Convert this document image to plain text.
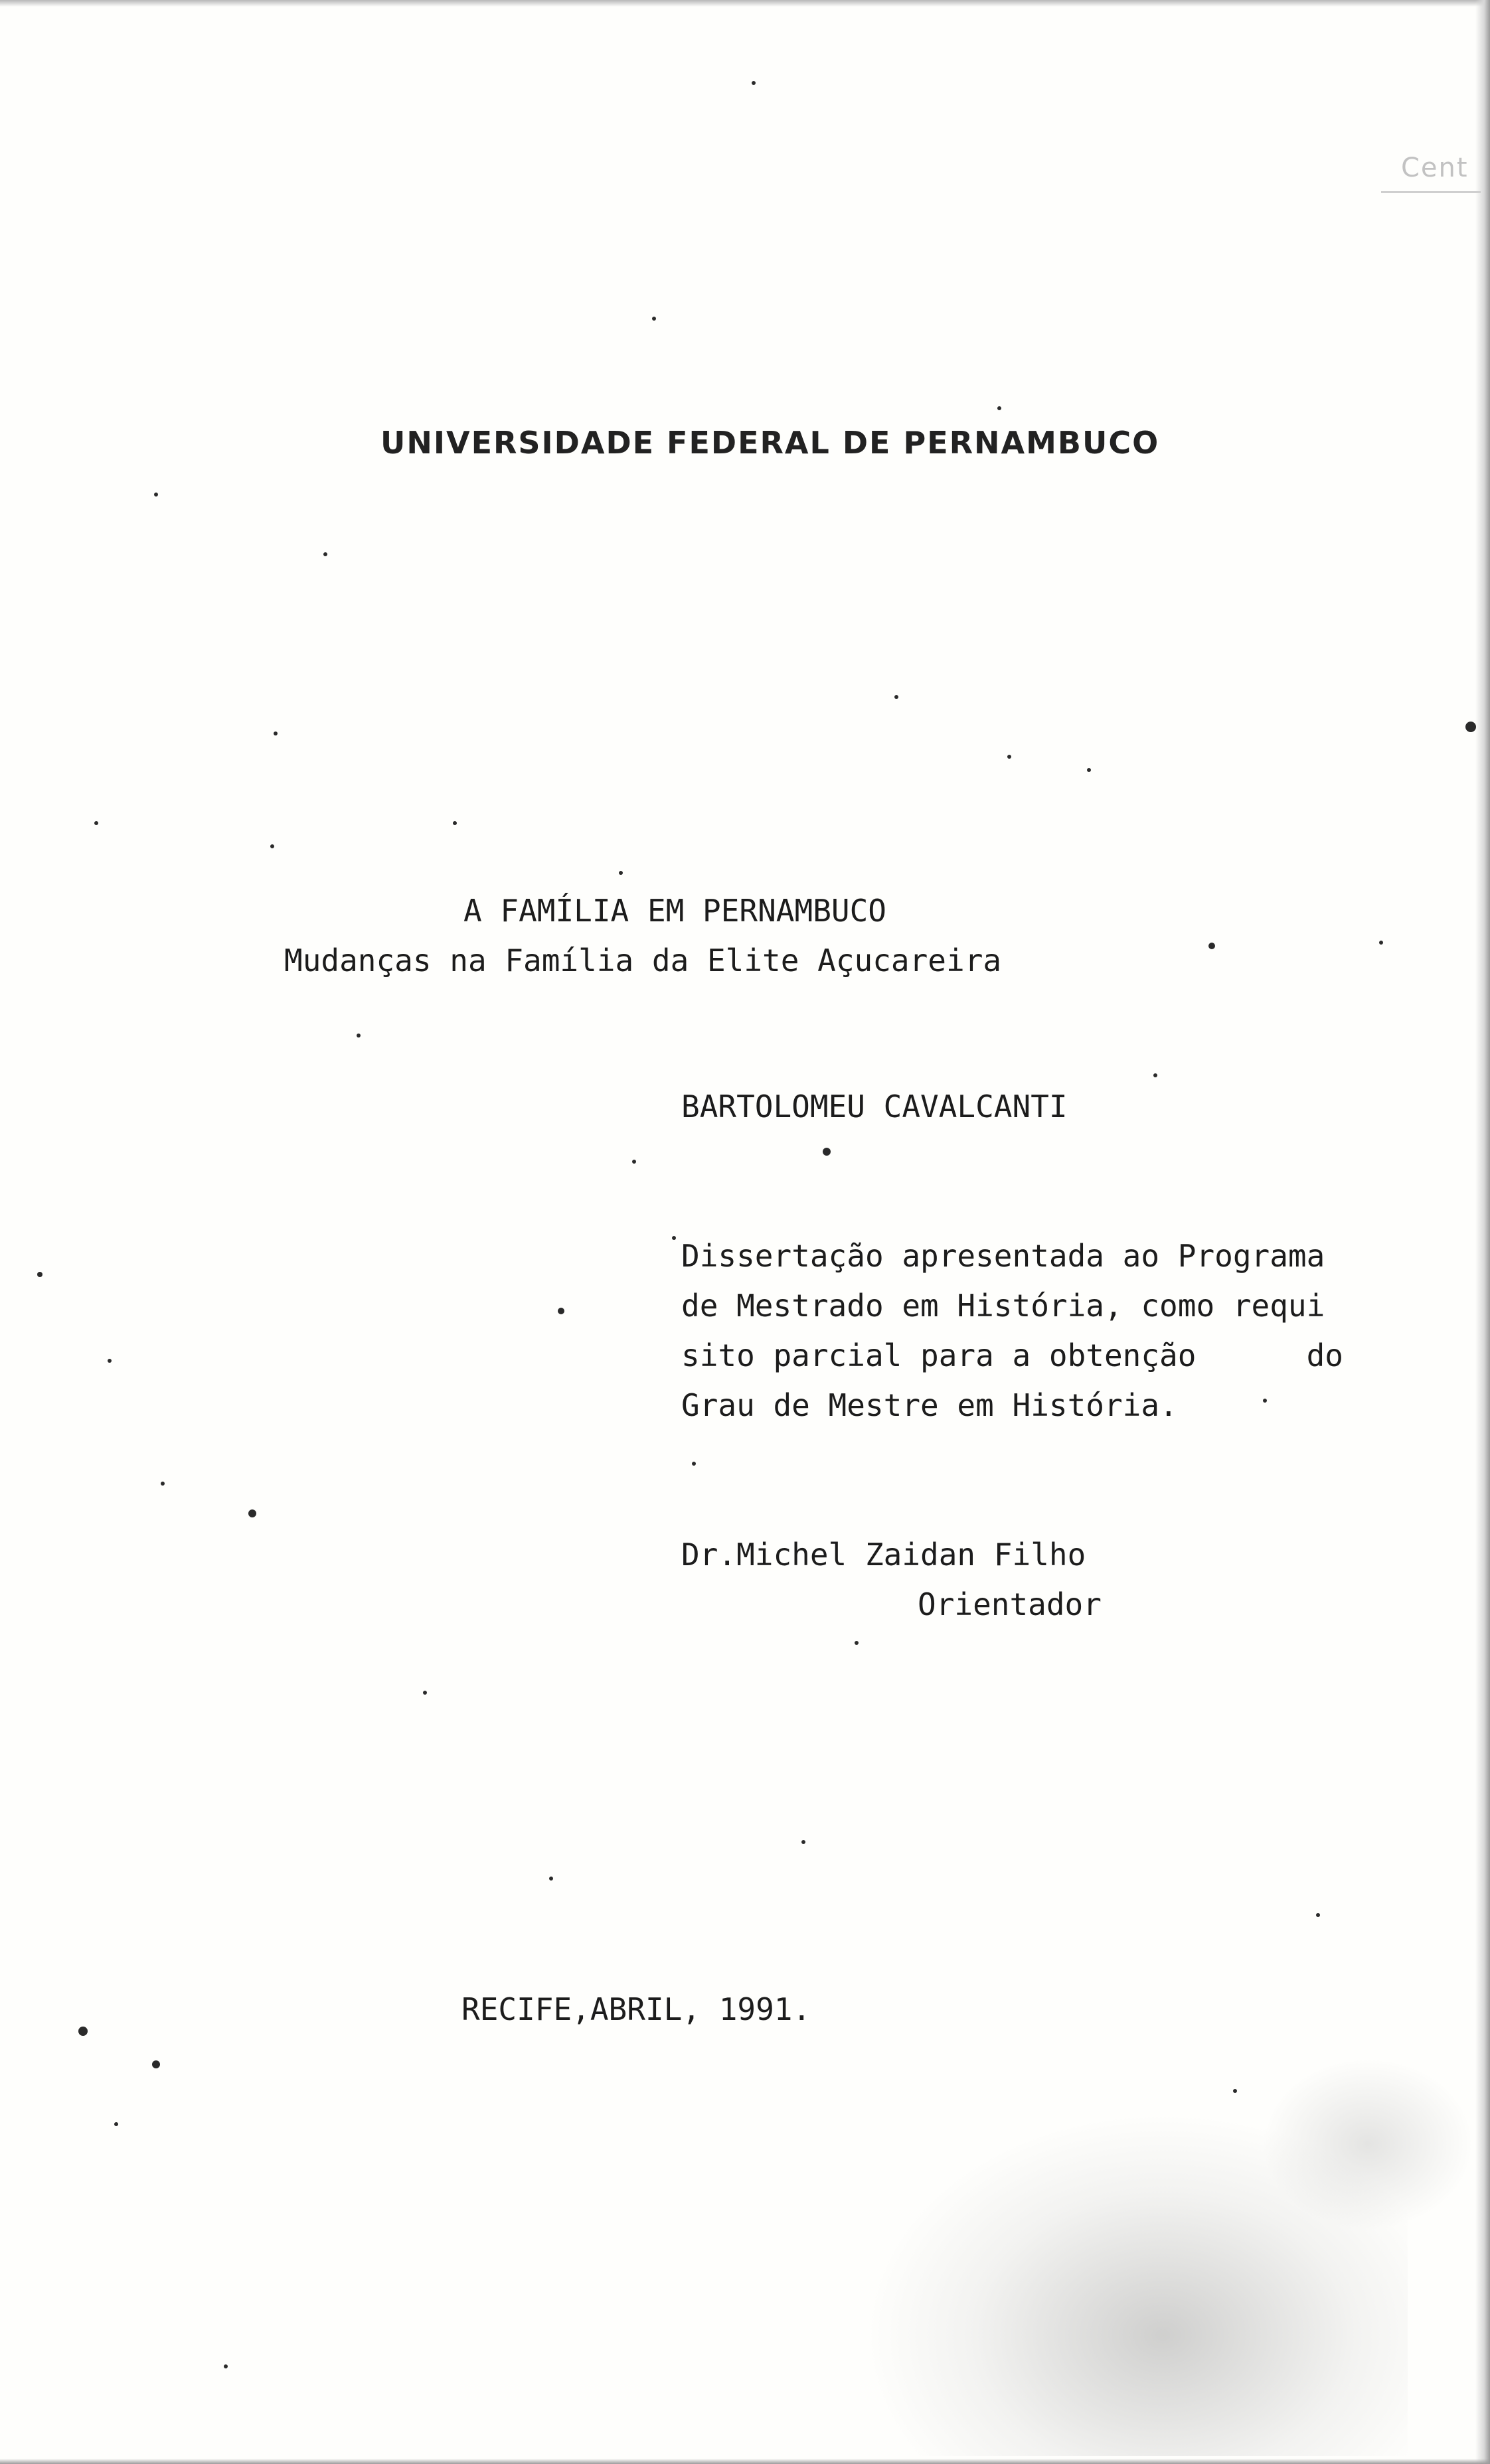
Cent
UNIVERSIDADE FEDERAL DE PERNAMBUCO
A FAMÍLIA EM PERNAMBUCO
Mudanças na Família da Elite Açucareira
BARTOLOMEU CAVALCANTI
Dissertação apresentada ao Programa
de Mestrado em História, como requi
sito parcial para a obtenção      do
Grau de Mestre em História.
Dr.Michel Zaidan Filho
Orientador
RECIFE,ABRIL, 1991.
